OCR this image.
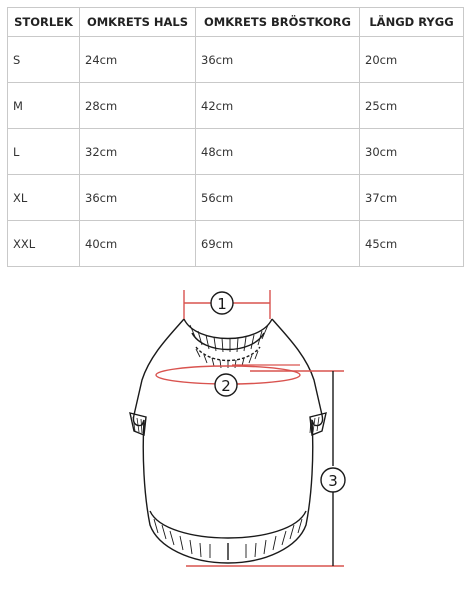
STORLEK	OMKRETS HALS	OMKRETS BRÖSTKORG	LÄNGD RYGG
S	24cm	36cm	20cm
M	28cm	42cm	25cm
L	32cm	48cm	30cm
XL	36cm	56cm	37cm
XXL	40cm	69cm	45cm
1
2
3
